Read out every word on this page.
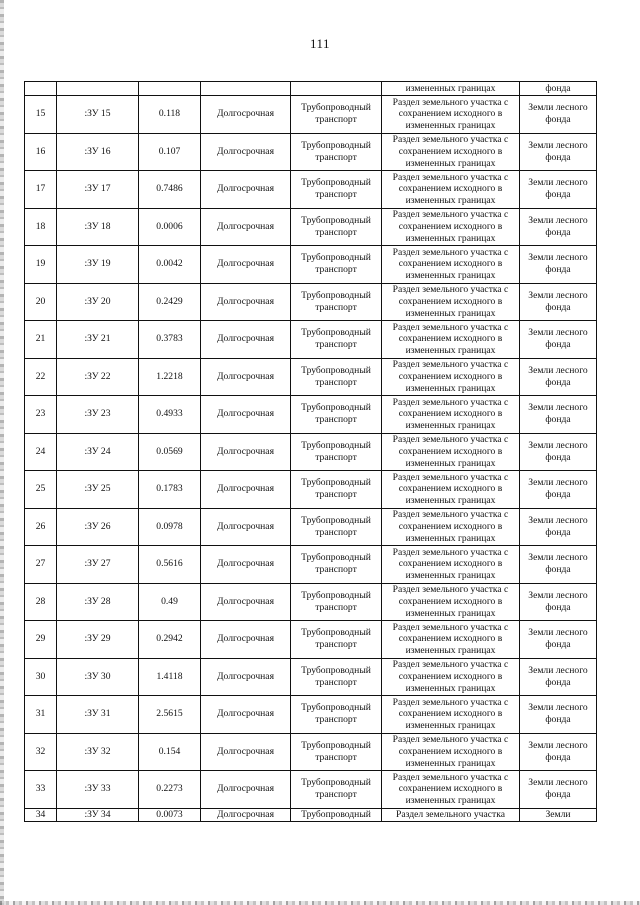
111
					измененных границах	фонда
15	:ЗУ 15	0.118	Долгосрочная	Трубопроводный транспорт	Раздел земельного участка с сохранением исходного в измененных границах	Земли лесного фонда
16	:ЗУ 16	0.107	Долгосрочная	Трубопроводный транспорт	Раздел земельного участка с сохранением исходного в измененных границах	Земли лесного фонда
17	:ЗУ 17	0.7486	Долгосрочная	Трубопроводный транспорт	Раздел земельного участка с сохранением исходного в измененных границах	Земли лесного фонда
18	:ЗУ 18	0.0006	Долгосрочная	Трубопроводный транспорт	Раздел земельного участка с сохранением исходного в измененных границах	Земли лесного фонда
19	:ЗУ 19	0.0042	Долгосрочная	Трубопроводный транспорт	Раздел земельного участка с сохранением исходного в измененных границах	Земли лесного фонда
20	:ЗУ 20	0.2429	Долгосрочная	Трубопроводный транспорт	Раздел земельного участка с сохранением исходного в измененных границах	Земли лесного фонда
21	:ЗУ 21	0.3783	Долгосрочная	Трубопроводный транспорт	Раздел земельного участка с сохранением исходного в измененных границах	Земли лесного фонда
22	:ЗУ 22	1.2218	Долгосрочная	Трубопроводный транспорт	Раздел земельного участка с сохранением исходного в измененных границах	Земли лесного фонда
23	:ЗУ 23	0.4933	Долгосрочная	Трубопроводный транспорт	Раздел земельного участка с сохранением исходного в измененных границах	Земли лесного фонда
24	:ЗУ 24	0.0569	Долгосрочная	Трубопроводный транспорт	Раздел земельного участка с сохранением исходного в измененных границах	Земли лесного фонда
25	:ЗУ 25	0.1783	Долгосрочная	Трубопроводный транспорт	Раздел земельного участка с сохранением исходного в измененных границах	Земли лесного фонда
26	:ЗУ 26	0.0978	Долгосрочная	Трубопроводный транспорт	Раздел земельного участка с сохранением исходного в измененных границах	Земли лесного фонда
27	:ЗУ 27	0.5616	Долгосрочная	Трубопроводный транспорт	Раздел земельного участка с сохранением исходного в измененных границах	Земли лесного фонда
28	:ЗУ 28	0.49	Долгосрочная	Трубопроводный транспорт	Раздел земельного участка с сохранением исходного в измененных границах	Земли лесного фонда
29	:ЗУ 29	0.2942	Долгосрочная	Трубопроводный транспорт	Раздел земельного участка с сохранением исходного в измененных границах	Земли лесного фонда
30	:ЗУ 30	1.4118	Долгосрочная	Трубопроводный транспорт	Раздел земельного участка с сохранением исходного в измененных границах	Земли лесного фонда
31	:ЗУ 31	2.5615	Долгосрочная	Трубопроводный транспорт	Раздел земельного участка с сохранением исходного в измененных границах	Земли лесного фонда
32	:ЗУ 32	0.154	Долгосрочная	Трубопроводный транспорт	Раздел земельного участка с сохранением исходного в измененных границах	Земли лесного фонда
33	:ЗУ 33	0.2273	Долгосрочная	Трубопроводный транспорт	Раздел земельного участка с сохранением исходного в измененных границах	Земли лесного фонда
34	:ЗУ 34	0.0073	Долгосрочная	Трубопроводный	Раздел земельного участка	Земли
